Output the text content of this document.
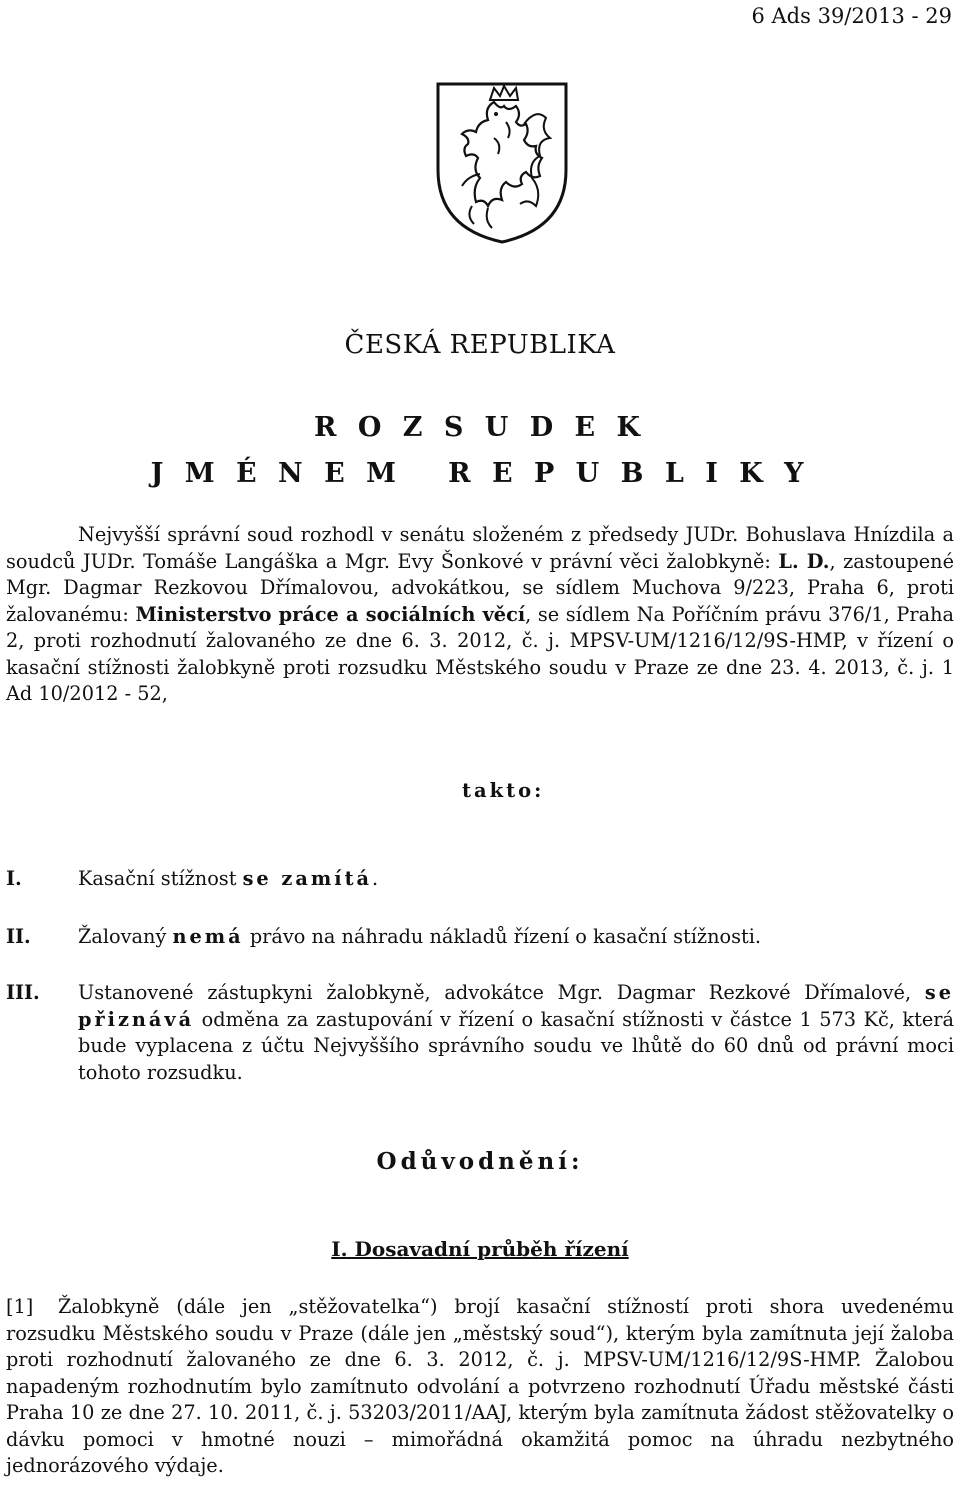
6 Ads 39/2013 - 29
ČESKÁ REPUBLIKA
R O Z S U D E K
J M É N E M   R E P U B L I K Y
Nejvyšší správní soud rozhodl v senátu složeném z předsedy JUDr. Bohuslava Hnízdila a soudců JUDr. Tomáše Langáška a Mgr. Evy Šonkové v právní věci žalobkyně: L. D., zastoupené Mgr. Dagmar Rezkovou Dřímalovou, advokátkou, se sídlem Muchova 9/223, Praha 6, proti žalovanému: Ministerstvo práce a sociálních věcí, se sídlem Na Poříčním právu 376/1, Praha 2, proti rozhodnutí žalovaného ze dne 6. 3. 2012, č. j. MPSV-UM/1216/12/9S-HMP, v řízení o kasační stížnosti žalobkyně proti rozsudku Městského soudu v Praze ze dne 23. 4. 2013, č. j. 1 Ad 10/2012 - 52,
takto:
I.	Kasační stížnost se zamítá.
II. Žalovaný nemá právo na náhradu nákladů řízení o kasační stížnosti.
III. Ustanovené zástupkyni žalobkyně, advokátce Mgr. Dagmar Rezkové Dřímalové, se přiznává odměna za zastupování v řízení o kasační stížnosti v částce 1 573 Kč, která bude vyplacena z účtu Nejvyššího správního soudu ve lhůtě do 60 dnů od právní moci tohoto rozsudku.
Odůvodnění:
I. Dosavadní průběh řízení
[1]	Žalobkyně (dále jen „stěžovatelka“) brojí kasační stížností proti shora uvedenému rozsudku Městského soudu v Praze (dále jen „městský soud“), kterým byla zamítnuta její žaloba proti rozhodnutí žalovaného ze dne 6. 3. 2012, č. j. MPSV-UM/1216/12/9S-HMP. Žalobou napadeným rozhodnutím bylo zamítnuto odvolání a potvrzeno rozhodnutí Úřadu městské části Praha 10 ze dne 27. 10. 2011, č. j. 53203/2011/AAJ, kterým byla zamítnuta žádost stěžovatelky o dávku pomoci v hmotné nouzi – mimořádná okamžitá pomoc na úhradu nezbytného jednorázového výdaje.
